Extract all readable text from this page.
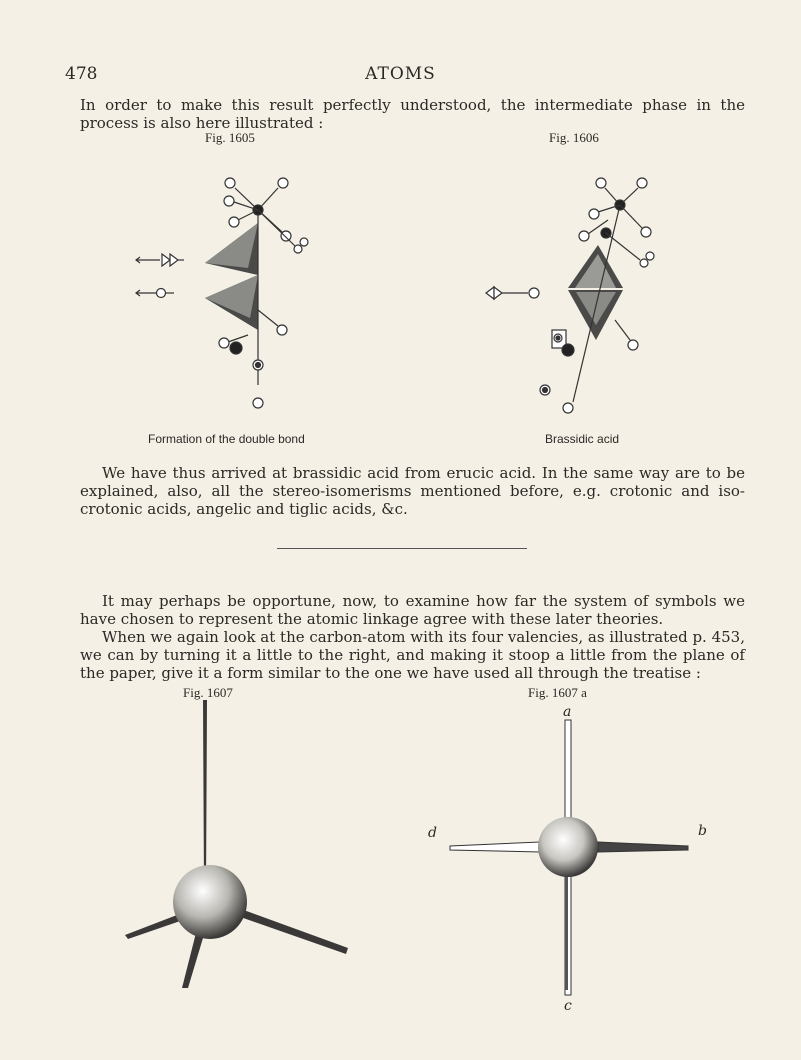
478	ATOMS
In order to make this result perfectly understood, the intermediate phase in the process is also here illustrated :
Fig. 1605
Formation of the double bond
Fig. 1606
Brassidic acid
We have thus arrived at brassidic acid from erucic acid. In the same way are to be explained, also, all the stereo-isomerisms mentioned before, e.g. crotonic and iso-crotonic acids, angelic and tiglic acids, &c.
It may perhaps be opportune, now, to examine how far the system of symbols we have chosen to represent the atomic linkage agree with these later theories.
When we again look at the carbon-atom with its four valencies, as illustrated p. 453, we can by turning it a little to the right, and making it stoop a little from the plane of the paper, give it a form similar to the one we have used all through the treatise :
Fig. 1607	Fig. 1607 a
a
b
c
d
